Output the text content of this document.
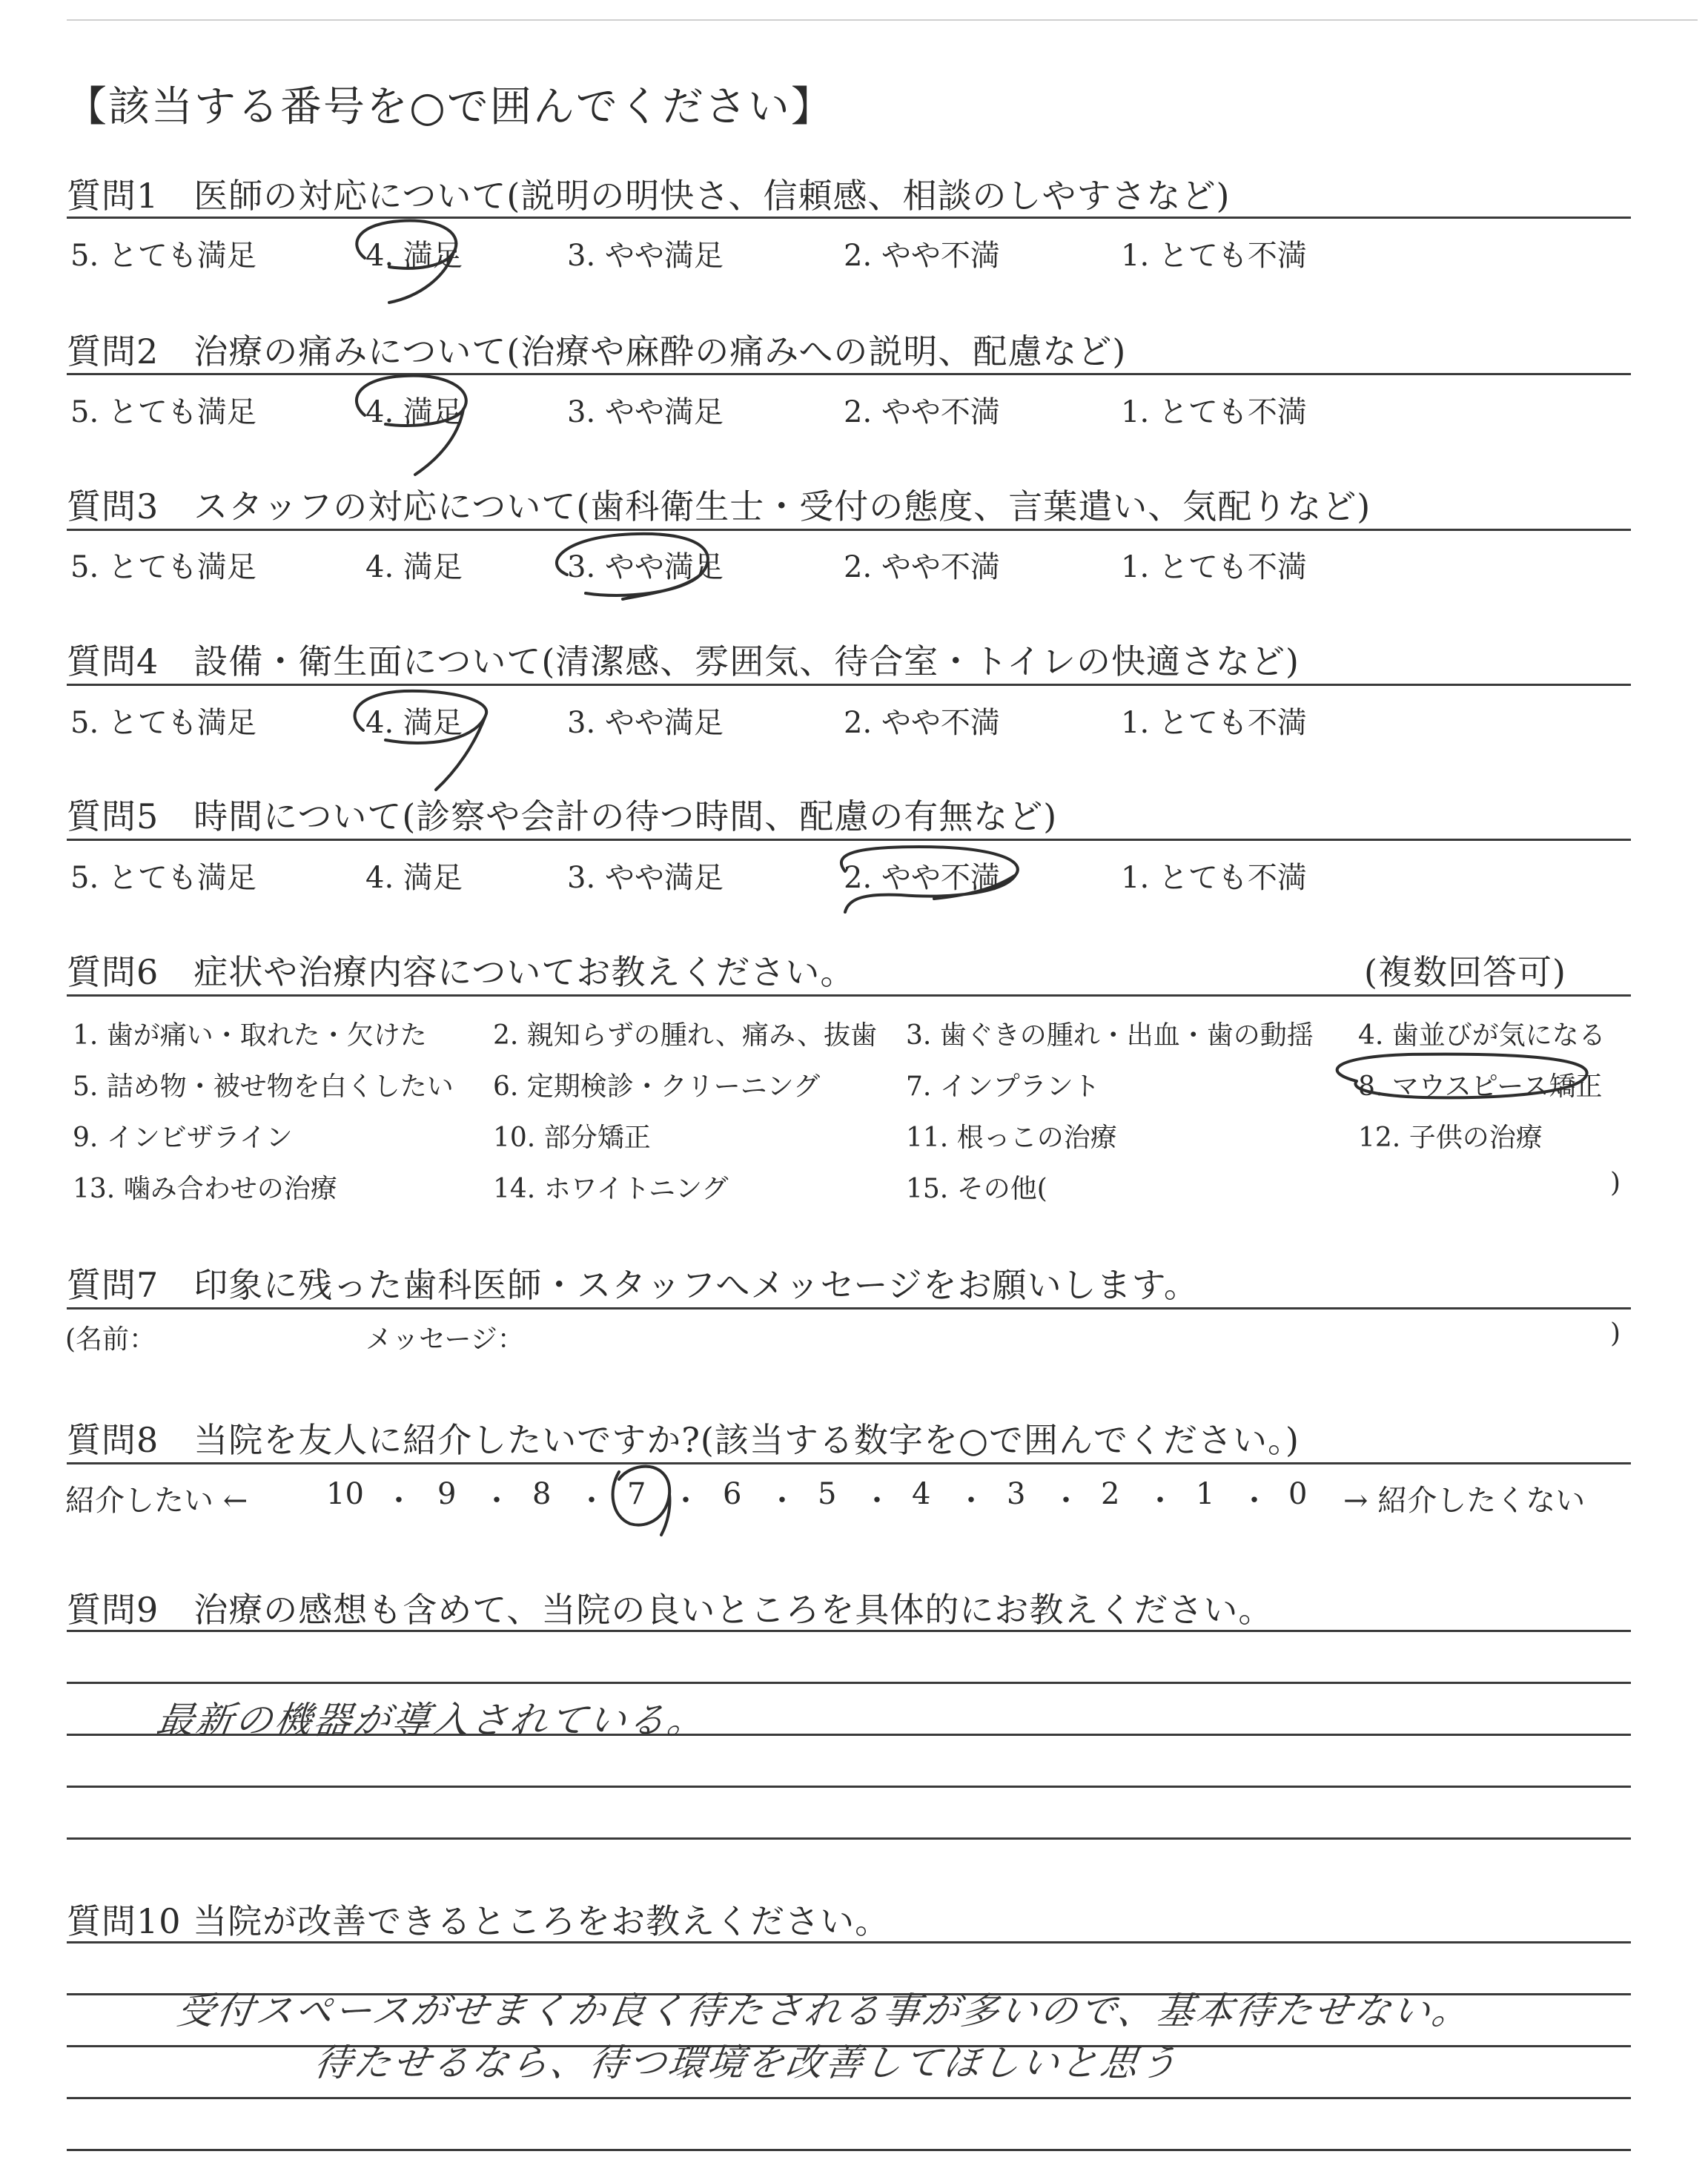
【該当する番号を○で囲んでください】
質問1　医師の対応について(説明の明快さ、信頼感、相談のしやすさなど)
5. とても満足	4. 満足	3. やや満足	2. やや不満	1. とても不満
質問2　治療の痛みについて(治療や麻酔の痛みへの説明、配慮など)
5. とても満足	4. 満足	3. やや満足	2. やや不満	1. とても不満
質問3　スタッフの対応について(歯科衛生士・受付の態度、言葉遣い、気配りなど)
5. とても満足	4. 満足	3. やや満足	2. やや不満	1. とても不満
質問4　設備・衛生面について(清潔感、雰囲気、待合室・トイレの快適さなど)
5. とても満足	4. 満足	3. やや満足	2. やや不満	1. とても不満
質問5　時間について(診察や会計の待つ時間、配慮の有無など)
5. とても満足	4. 満足	3. やや満足	2. やや不満	1. とても不満
質問6　症状や治療内容についてお教えください。	(複数回答可)
1. 歯が痛い・取れた・欠けた 2. 親知らずの腫れ、痛み、抜歯 3. 歯ぐきの腫れ・出血・歯の動揺 4. 歯並びが気になる
5. 詰め物・被せ物を白くしたい 6. 定期検診・クリーニング	7. インプラント	8. マウスピース矯正
9. インビザライン	10. 部分矯正	11. 根っこの治療	12. 子供の治療
13. 噛み合わせの治療	14. ホワイトニング	15. その他(	)
質問7　印象に残った歯科医師・スタッフへメッセージをお願いします。
(名前：	メッセージ：	)
質問8　当院を友人に紹介したいですか?(該当する数字を○で囲んでください。)
紹介したい ←	10 ・ 9 ・ 8 ・ 7 ・ 6 ・ 5 ・ 4 ・ 3 ・ 2 ・ 1 ・ 0 → 紹介したくない
質問9　治療の感想も含めて、当院の良いところを具体的にお教えください。
最新の機器が導入されている。
質問10 当院が改善できるところをお教えください。
受付スペースがせまくか良く待たされる事が多いので、基本待たせない。
待たせるなら、待つ環境を改善してほしいと思う
